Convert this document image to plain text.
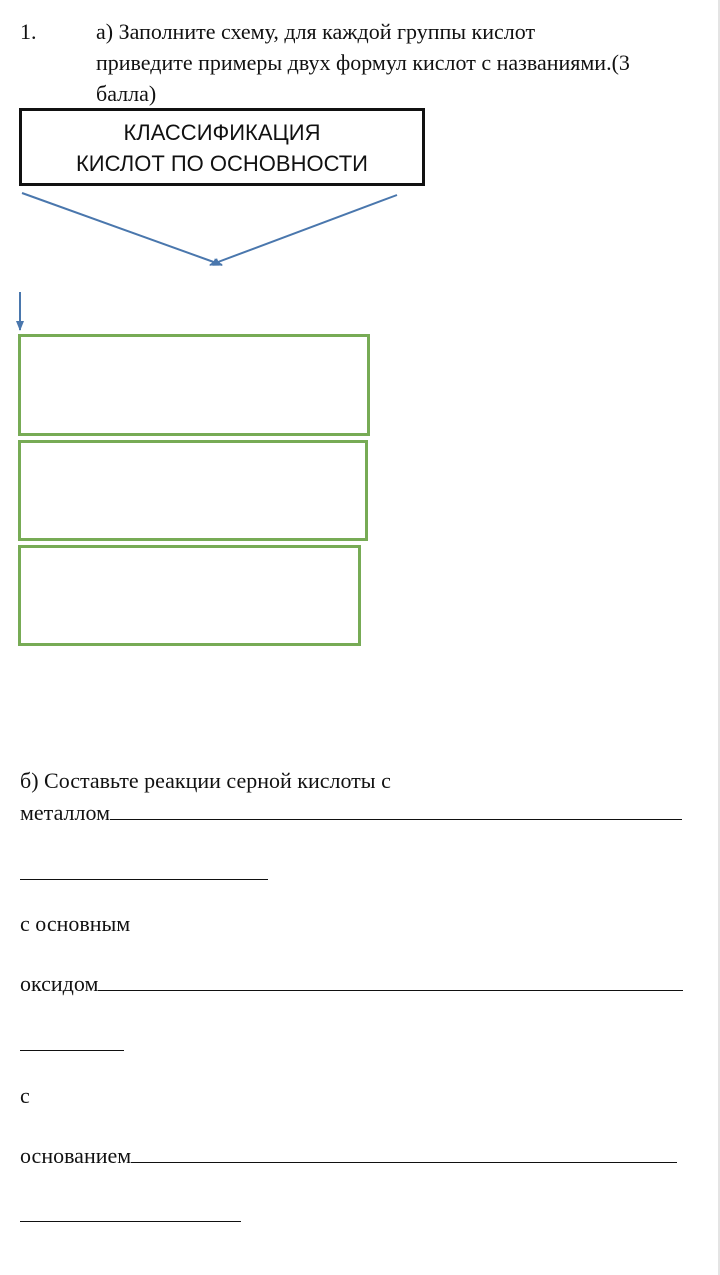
1.	а) Заполните схему, для каждой группы кислот
приведите примеры двух формул кислот с названиями.(3
балла)
КЛАССИФИКАЦИЯ
КИСЛОТ ПО ОСНОВНОСТИ
б) Составьте реакции серной кислоты с
металлом
с основным
оксидом
с
основанием
